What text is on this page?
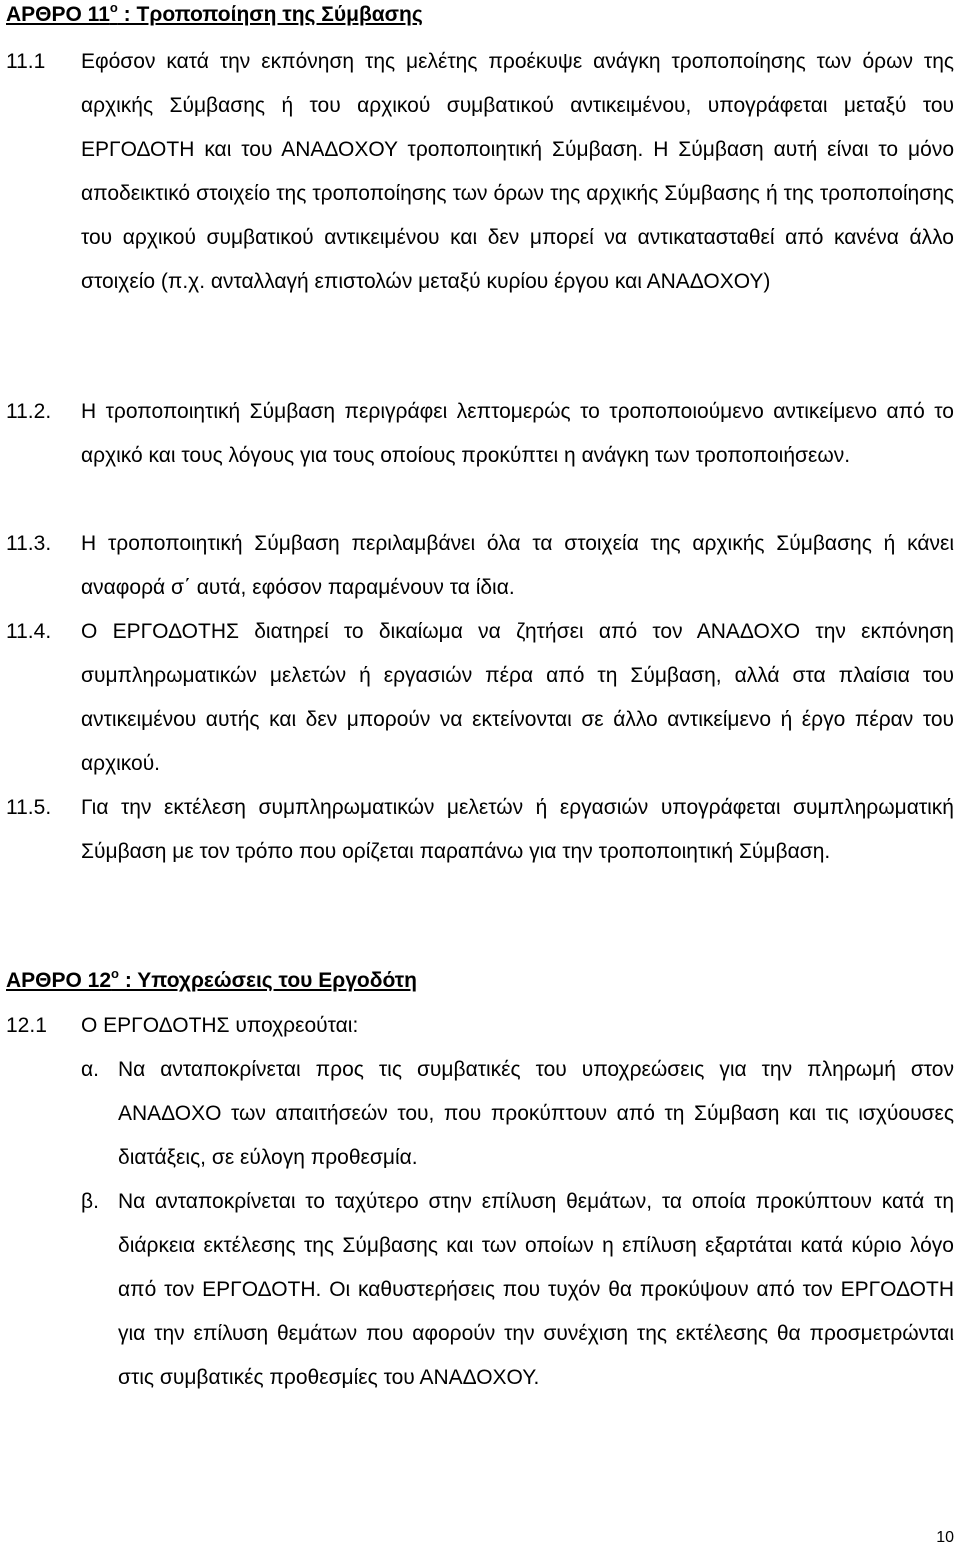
ΑΡΘΡΟ $11^o$ : Τροποποίηση της Σύμβασης
11.1 Εφόσον κατά την εκπόνηση της μελέτης προέκυψε ανάγκη τροποποίησης των όρων της αρχικής Σύμβασης ή του αρχικού συμβατικού αντικειμένου, υπογράφεται μεταξύ του ΕΡΓΟΔΟΤΗ και του ΑΝΑΔΟΧΟΥ τροποποιητική Σύμβαση. Η Σύμβαση αυτή είναι το μόνο αποδεικτικό στοιχείο της τροποποίησης των όρων της αρχικής Σύμβασης ή της τροποποίησης του αρχικού συμβατικού αντικειμένου και δεν μπορεί να αντικατασταθεί από κανένα άλλο στοιχείο (π.χ. ανταλλαγή επιστολών μεταξύ κυρίου έργου και ΑΝΑΔΟΧΟΥ)
11.2. Η τροποποιητική Σύμβαση περιγράφει λεπτομερώς το τροποποιούμενο αντικείμενο από το αρχικό και τους λόγους για τους οποίους προκύπτει η ανάγκη των τροποποιήσεων.
11.3. Η τροποποιητική Σύμβαση περιλαμβάνει όλα τα στοιχεία της αρχικής Σύμβασης ή κάνει αναφορά σ΄ αυτά, εφόσον παραμένουν τα ίδια.
11.4. Ο ΕΡΓΟΔΟΤΗΣ διατηρεί το δικαίωμα να ζητήσει από τον ΑΝΑΔΟΧΟ την εκπόνηση συμπληρωματικών μελετών ή εργασιών πέρα από τη Σύμβαση, αλλά στα πλαίσια του αντικειμένου αυτής και δεν μπορούν να εκτείνονται σε άλλο αντικείμενο ή έργο πέραν του αρχικού.
11.5. Για την εκτέλεση συμπληρωματικών μελετών ή εργασιών υπογράφεται συμπληρωματική Σύμβαση με τον τρόπο που ορίζεται παραπάνω για την τροποποιητική Σύμβαση.
ΑΡΘΡΟ $12^o$ : Υποχρεώσεις του Εργοδότη
12.1 Ο ΕΡΓΟΔΟΤΗΣ υποχρεούται:
α. Να ανταποκρίνεται προς τις συμβατικές του υποχρεώσεις για την πληρωμή στον ΑΝΑΔΟΧΟ των απαιτήσεών του, που προκύπτουν από τη Σύμβαση και τις ισχύουσες διατάξεις, σε εύλογη προθεσμία.
β. Να ανταποκρίνεται το ταχύτερο στην επίλυση θεμάτων, τα οποία προκύπτουν κατά τη διάρκεια εκτέλεσης της Σύμβασης και των οποίων η επίλυση εξαρτάται κατά κύριο λόγο από τον ΕΡΓΟΔΟΤΗ. Οι καθυστερήσεις που τυχόν θα προκύψουν από τον ΕΡΓΟΔΟΤΗ για την επίλυση θεμάτων που αφορούν την συνέχιση της εκτέλεσης θα προσμετρώνται στις συμβατικές προθεσμίες του ΑΝΑΔΟΧΟΥ.
10
